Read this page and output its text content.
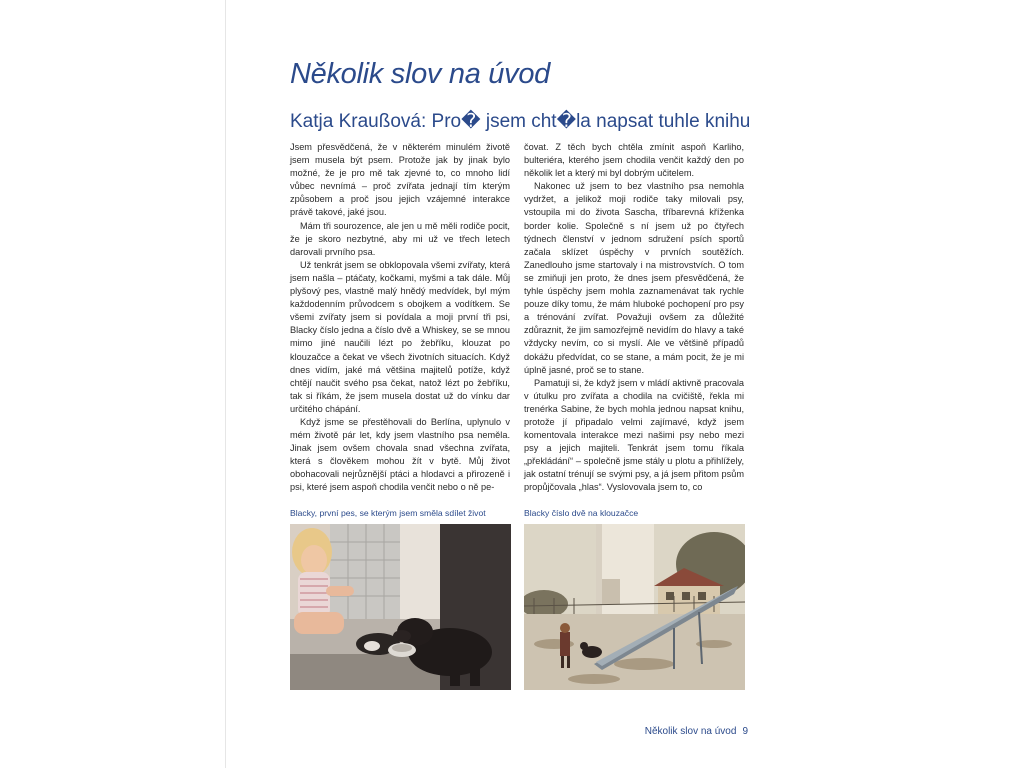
Několik slov na úvod
Katja Kraußová: Pro� jsem cht�la napsat tuhle knihu

Jsem přesvědčená, že v některém minulém životě jsem musela být psem. Protože jak by jinak bylo možné, že je pro mě tak zjevné to, co mnoho lidí vůbec nevnímá – proč zvířata jednají tím kterým způsobem a proč jsou jejich vzájemné interakce právě takové, jaké jsou.

Mám tři sourozence, ale jen u mě měli rodiče pocit, že je skoro nezbytné, aby mi už ve třech letech darovali prvního psa.

Už tenkrát jsem se obklopovala všemi zvířaty, která jsem našla – ptáčaty, kočkami, myšmi a tak dále. Můj plyšový pes, vlastně malý hnědý medvídek, byl mým každodenním průvodcem s obojkem a vodítkem. Se všemi zvířaty jsem si povídala a moji první tři psi, Blacky číslo jedna a číslo dvě a Whiskey, se se mnou mimo jiné naučili lézt po žebříku, klouzat po klouzačce a čekat ve všech životních situacích. Když dnes vidím, jaké má většina majitelů potíže, když chtějí naučit svého psa čekat, natož lézt po žebříku, tak si říkám, že jsem musela dostat už do vínku dar určitého chápání.

Když jsme se přestěhovali do Berlína, uplynulo v mém životě pár let, kdy jsem vlastního psa neměla. Jinak jsem ovšem chovala snad všechna zvířata, která s člověkem mohou žít v bytě. Můj život obohacovali nejrůznější ptáci a hlodavci a přirozeně i psi, které jsem aspoň chodila venčit nebo o ně pe-

čovat. Z těch bych chtěla zmínit aspoň Karliho, bulteriéra, kterého jsem chodila venčit každý den po několik let a který mi byl dobrým učitelem.

Nakonec už jsem to bez vlastního psa nemohla vydržet, a jelikož moji rodiče taky milovali psy, vstoupila mi do života Sascha, tříbarevná kříženka border kolie. Společně s ní jsem už po čtyřech týdnech členství v jednom sdružení psích sportů začala sklízet úspěchy v prvních soutěžích. Zanedlouho jsme startovaly i na mistrovstvích. O tom se zmiňuji jen proto, že dnes jsem přesvědčená, že tyhle úspěchy jsem mohla zaznamenávat tak rychle pouze díky tomu, že mám hluboké pochopení pro psy a trénování zvířat. Považuji ovšem za důležité zdůraznit, že jim samozřejmě nevidím do hlavy a také vždycky nevím, co si myslí. Ale ve většině případů dokážu předvídat, co se stane, a mám pocit, že je mi úplně jasné, proč se to stane.

Pamatuji si, že když jsem v mládí aktivně pracovala v útulku pro zvířata a chodila na cvičiště, řekla mi trenérka Sabine, že bych mohla jednou napsat knihu, protože jí připadalo velmi zajímavé, když jsem komentovala interakce mezi našimi psy nebo mezi psy a jejich majiteli. Tenkrát jsem tomu říkala „překládání“ – společně jsme stály u plotu a přihlížely, jak ostatní trénují se svými psy, a já jsem přitom psům propůjčovala „hlas“. Vyslovovala jsem to, co

Blacky, první pes, se kterým jsem směla sdílet život	Blacky číslo dvě na klouzačce
Několik slov na úvod 9
